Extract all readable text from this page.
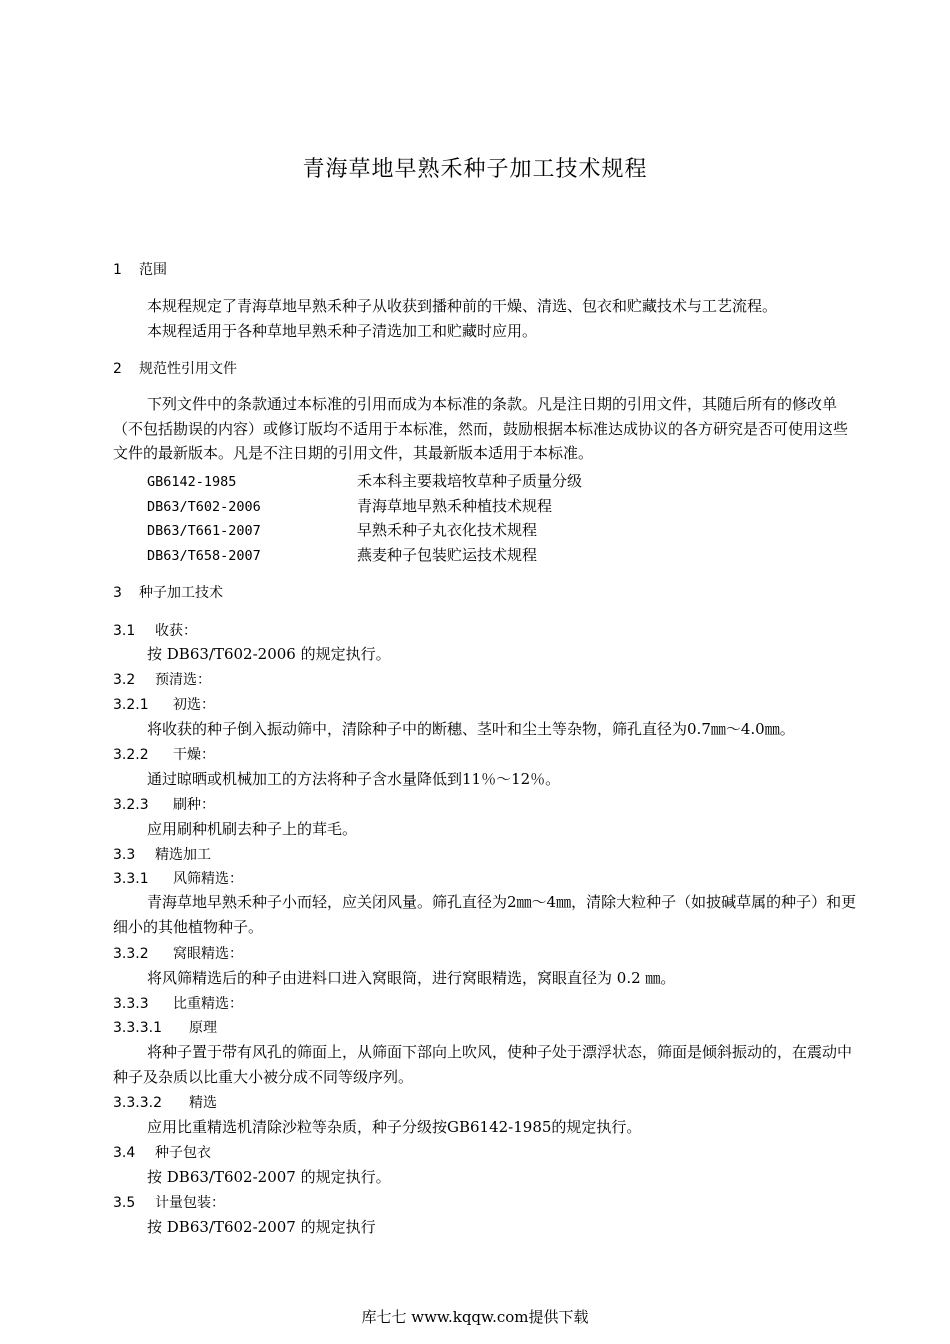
青海草地早熟禾种子加工技术规程
1 范围
本规程规定了青海草地早熟禾种子从收获到播种前的干燥、清选、包衣和贮藏技术与工艺流程。
本规程适用于各种草地早熟禾种子清选加工和贮藏时应用。
2 规范性引用文件
下列文件中的条款通过本标准的引用而成为本标准的条款。凡是注日期的引用文件，其随后所有的修改单（不包括勘误的内容）或修订版均不适用于本标准，然而，鼓励根据本标准达成协议的各方研究是否可使用这些文件的最新版本。凡是不注日期的引用文件，其最新版本适用于本标准。
GB6142-1985	禾本科主要栽培牧草种子质量分级
DB63/T602-2006	青海草地早熟禾种植技术规程
DB63/T661-2007	早熟禾种子丸衣化技术规程
DB63/T658-2007	燕麦种子包装贮运技术规程
3 种子加工技术
3.1 收获：
按 DB63/T602-2006 的规定执行。
3.2 预清选：
3.2.1 初选：
将收获的种子倒入振动筛中，清除种子中的断穗、茎叶和尘土等杂物，筛孔直径为0.7㎜～4.0㎜。
3.2.2 干燥：
通过晾晒或机械加工的方法将种子含水量降低到11％～12％。
3.2.3 刷种：
应用刷种机刷去种子上的茸毛。
3.3 精选加工
3.3.1 风筛精选：
青海草地早熟禾种子小而轻，应关闭风量。筛孔直径为2㎜～4㎜，清除大粒种子（如披碱草属的种子）和更细小的其他植物种子。
3.3.2 窝眼精选：
将风筛精选后的种子由进料口进入窝眼筒，进行窝眼精选，窝眼直径为 0.2 ㎜。
3.3.3 比重精选：
3.3.3.1 原理
将种子置于带有风孔的筛面上，从筛面下部向上吹风，使种子处于漂浮状态，筛面是倾斜振动的，在震动中种子及杂质以比重大小被分成不同等级序列。
3.3.3.2 精选
应用比重精选机清除沙粒等杂质，种子分级按GB6142-1985的规定执行。
3.4 种子包衣
按 DB63/T602-2007 的规定执行。
3.5 计量包装：
按 DB63/T602-2007 的规定执行
库七七 www.kqqw.com提供下载
